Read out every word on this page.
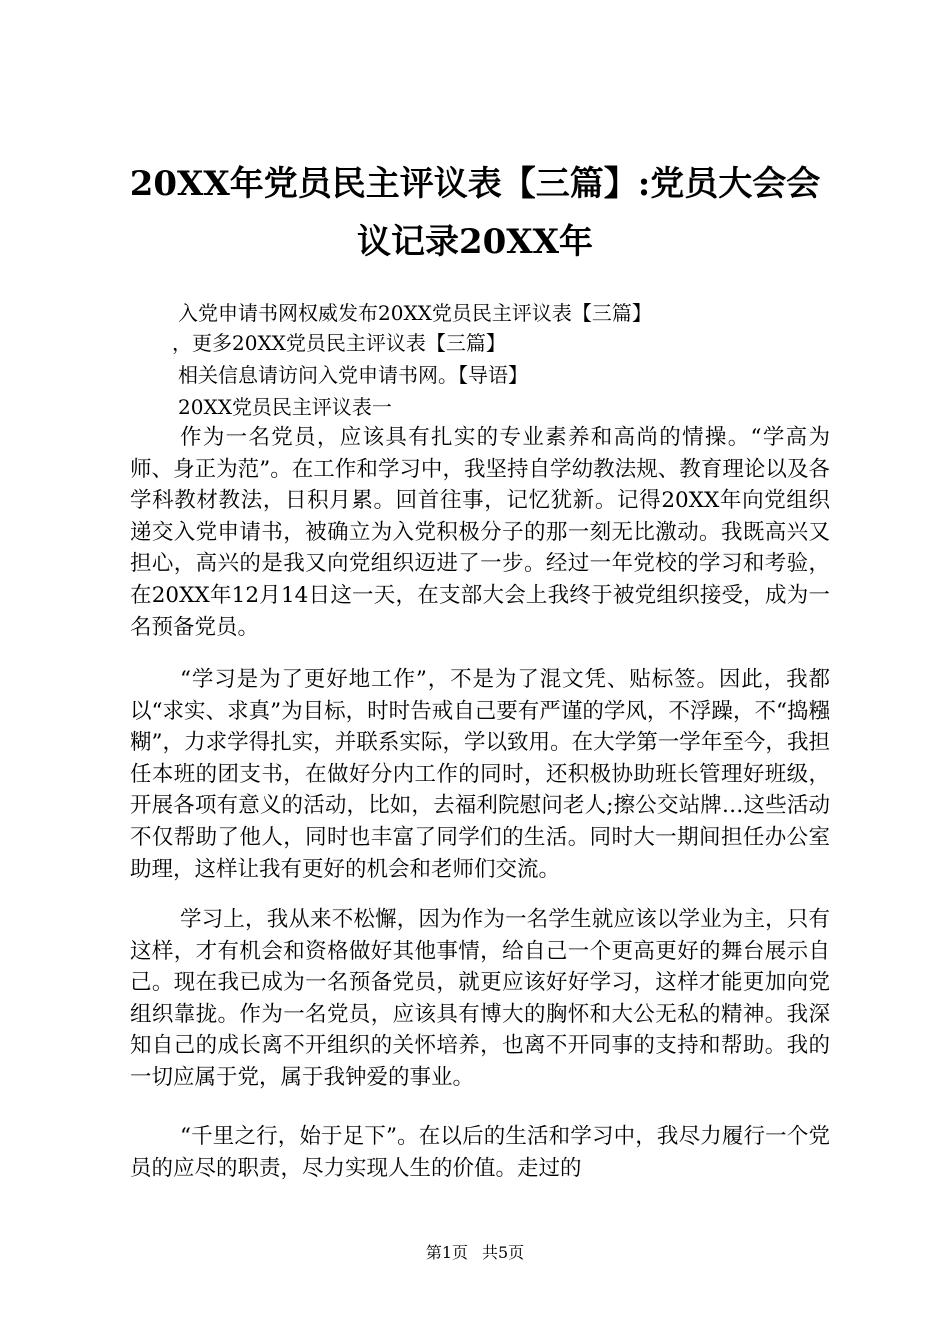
20XX年党员民主评议表【三篇】:党员大会会
议记录20XX年
入党申请书网权威发布20XX党员民主评议表【三篇】
，更多20XX党员民主评议表【三篇】
相关信息请访问入党申请书网。【导语】
20XX党员民主评议表一

作为一名党员，应该具有扎实的专业素养和高尚的情操。“学高为师、身正为范”。在工作和学习中，我坚持自学幼教法规、教育理论以及各学科教材教法，日积月累。回首往事，记忆犹新。记得20XX年向党组织递交入党申请书，被确立为入党积极分子的那一刻无比激动。我既高兴又担心，高兴的是我又向党组织迈进了一步。经过一年党校的学习和考验，在20XX年12月14日这一天，在支部大会上我终于被党组织接受，成为一名预备党员。

“学习是为了更好地工作”，不是为了混文凭、贴标签。因此，我都以“求实、求真”为目标，时时告戒自己要有严谨的学风，不浮躁，不“捣糨糊”，力求学得扎实，并联系实际，学以致用。在大学第一学年至今，我担任本班的团支书，在做好分内工作的同时，还积极协助班长管理好班级，开展各项有意义的活动，比如，去福利院慰问老人;擦公交站牌…这些活动不仅帮助了他人，同时也丰富了同学们的生活。同时大一期间担任办公室助理，这样让我有更好的机会和老师们交流。

学习上，我从来不松懈，因为作为一名学生就应该以学业为主，只有这样，才有机会和资格做好其他事情，给自己一个更高更好的舞台展示自己。现在我已成为一名预备党员，就更应该好好学习，这样才能更加向党组织靠拢。作为一名党员，应该具有博大的胸怀和大公无私的精神。我深知自己的成长离不开组织的关怀培养，也离不开同事的支持和帮助。我的一切应属于党，属于我钟爱的事业。

“千里之行，始于足下”。在以后的生活和学习中，我尽力履行一个党员的应尽的职责，尽力实现人生的价值。走过的

第1页 共5页
